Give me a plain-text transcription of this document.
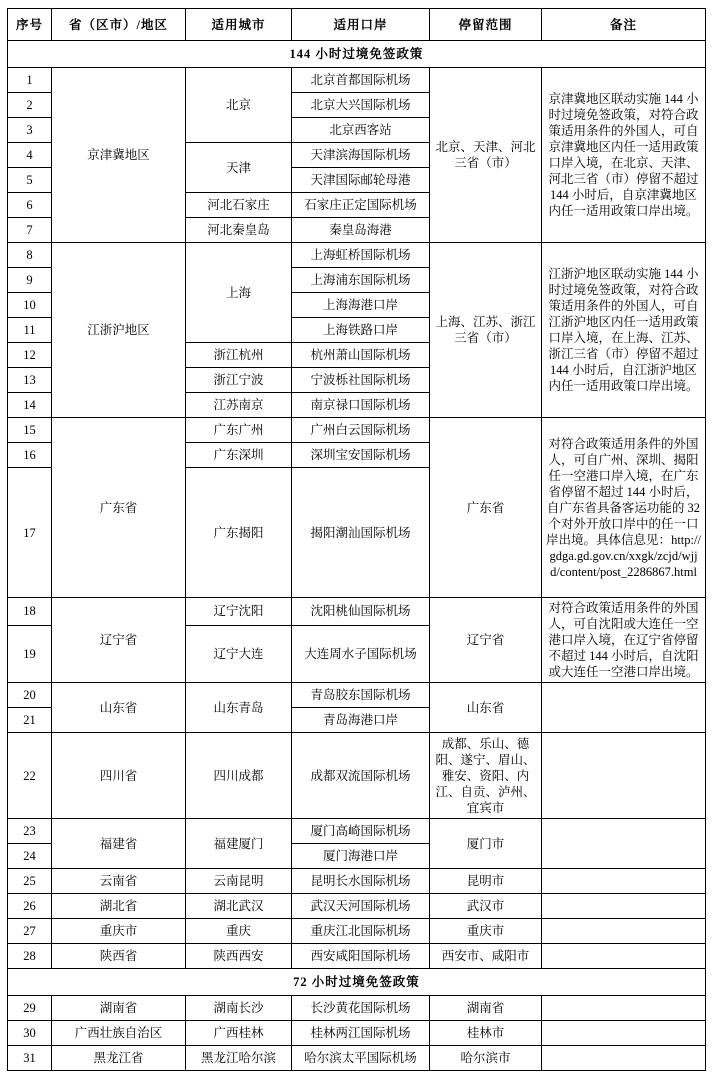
序号	省（区市）/地区	适用城市	适用口岸	停留范围	备注
144 小时过境免签政策					
1	京津冀地区	北京	北京首都国际机场	北京、天津、河北三省（市）	京津冀地区联动实施 144 小时过境免签政策，对符合政策适用条件的外国人，可自京津冀地区内任一适用政策口岸入境，在北京、天津、河北三省（市）停留不超过 144 小时后，自京津冀地区内任一适用政策口岸出境。
2			北京大兴国际机场		
3			北京西客站		
4		天津	天津滨海国际机场		
5			天津国际邮轮母港		
6		河北石家庄	石家庄正定国际机场		
7		河北秦皇岛	秦皇岛海港		
8	江浙沪地区	上海	上海虹桥国际机场	上海、江苏、浙江三省（市）	江浙沪地区联动实施 144 小时过境免签政策，对符合政策适用条件的外国人，可自江浙沪地区内任一适用政策口岸入境，在上海、江苏、浙江三省（市）停留不超过 144 小时后，自江浙沪地区内任一适用政策口岸出境。
9			上海浦东国际机场		
10			上海海港口岸		
11			上海铁路口岸		
12		浙江杭州	杭州萧山国际机场		
13		浙江宁波	宁波栎社国际机场		
14		江苏南京	南京禄口国际机场		
15	广东省	广东广州	广州白云国际机场	广东省	对符合政策适用条件的外国人，可自广州、深圳、揭阳任一空港口岸入境，在广东省停留不超过 144 小时后，自广东省具备客运功能的 32 个对外开放口岸中的任一口岸出境。具体信息见：http://gdga.gd.gov.cn/xxgk/zcjd/wjjd/content/post_2286867.html
16		广东深圳	深圳宝安国际机场		
17		广东揭阳	揭阳潮汕国际机场		
18	辽宁省	辽宁沈阳	沈阳桃仙国际机场	辽宁省	对符合政策适用条件的外国人，可自沈阳或大连任一空港口岸入境，在辽宁省停留不超过 144 小时后，自沈阳或大连任一空港口岸出境。
19		辽宁大连	大连周水子国际机场		
20	山东省	山东青岛	青岛胶东国际机场	山东省	
21			青岛海港口岸		
22	四川省	四川成都	成都双流国际机场	成都、乐山、德阳、遂宁、眉山、雅安、资阳、内江、自贡、泸州、宜宾市	
23	福建省	福建厦门	厦门高崎国际机场	厦门市	
24			厦门海港口岸		
25	云南省	云南昆明	昆明长水国际机场	昆明市	
26	湖北省	湖北武汉	武汉天河国际机场	武汉市	
27	重庆市	重庆	重庆江北国际机场	重庆市	
28	陕西省	陕西西安	西安咸阳国际机场	西安市、咸阳市	
72 小时过境免签政策					
29	湖南省	湖南长沙	长沙黄花国际机场	湖南省	
30	广西壮族自治区	广西桂林	桂林两江国际机场	桂林市	
31	黑龙江省	黑龙江哈尔滨	哈尔滨太平国际机场	哈尔滨市	
